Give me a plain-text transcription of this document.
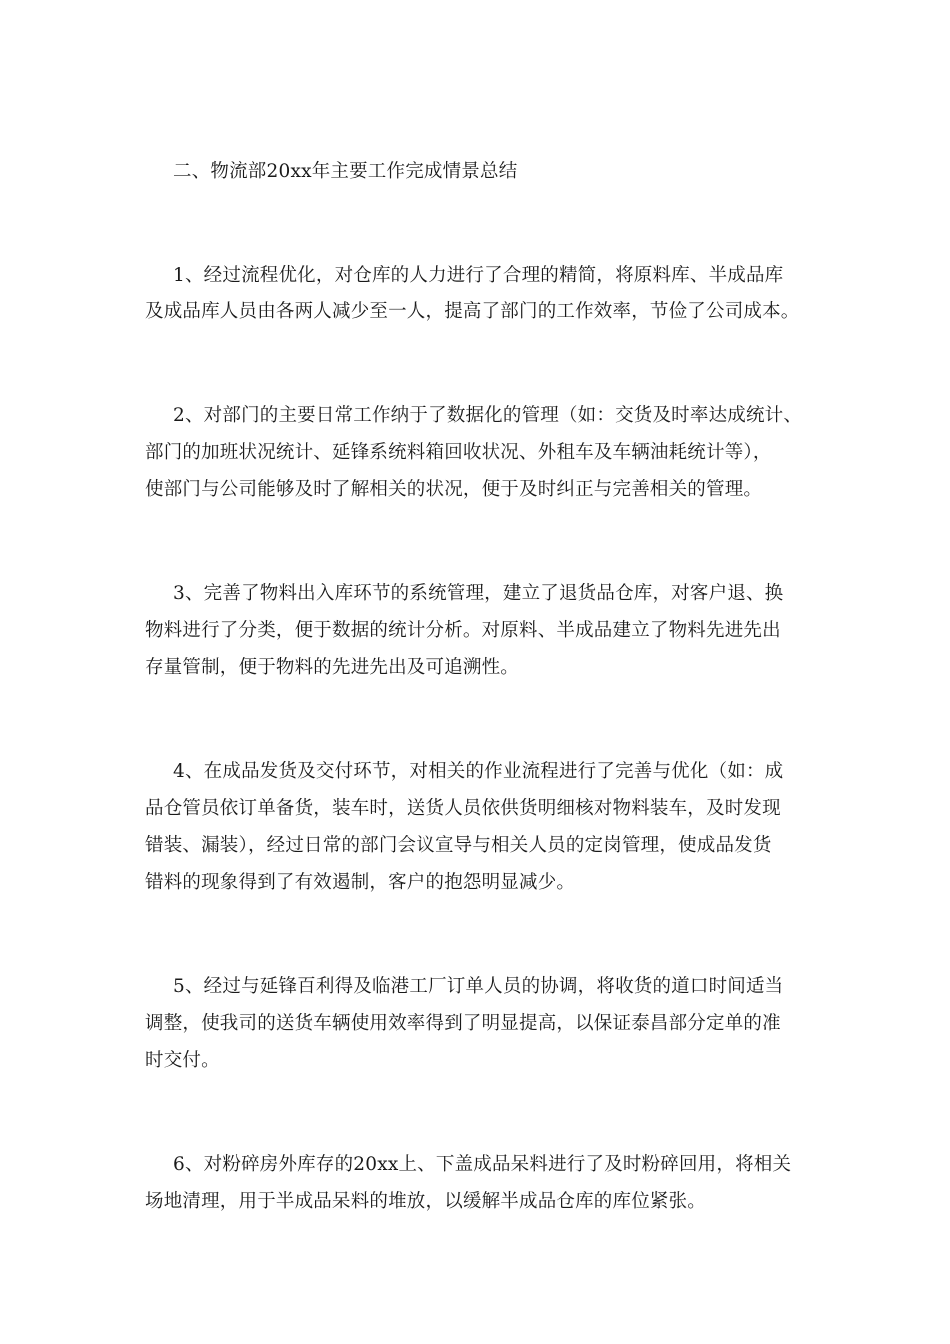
二、物流部20xx年主要工作完成情景总结
1、经过流程优化，对仓库的人力进行了合理的精简，将原料库、半成品库
及成品库人员由各两人减少至一人，提高了部门的工作效率，节俭了公司成本。
2、对部门的主要日常工作纳于了数据化的管理（如：交货及时率达成统计、
部门的加班状况统计、延锋系统料箱回收状况、外租车及车辆油耗统计等），
使部门与公司能够及时了解相关的状况，便于及时纠正与完善相关的管理。
3、完善了物料出入库环节的系统管理，建立了退货品仓库，对客户退、换
物料进行了分类，便于数据的统计分析。对原料、半成品建立了物料先进先出
存量管制，便于物料的先进先出及可追溯性。
4、在成品发货及交付环节，对相关的作业流程进行了完善与优化（如：成
品仓管员依订单备货，装车时，送货人员依供货明细核对物料装车，及时发现
错装、漏装），经过日常的部门会议宣导与相关人员的定岗管理，使成品发货
错料的现象得到了有效遏制，客户的抱怨明显减少。
5、经过与延锋百利得及临港工厂订单人员的协调，将收货的道口时间适当
调整，使我司的送货车辆使用效率得到了明显提高，以保证泰昌部分定单的准
时交付。
6、对粉碎房外库存的20xx上、下盖成品呆料进行了及时粉碎回用，将相关
场地清理，用于半成品呆料的堆放，以缓解半成品仓库的库位紧张。
